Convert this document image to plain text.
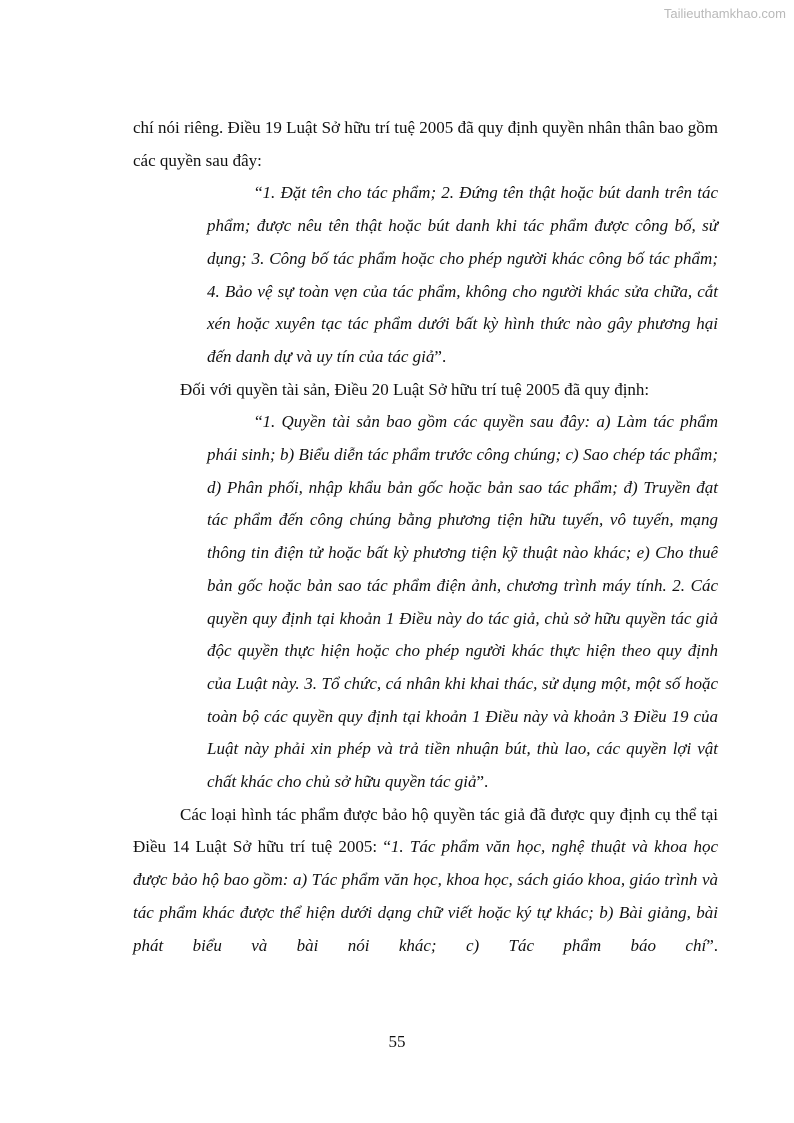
Tailieuthamkhao.com

chí nói riêng. Điều 19 Luật Sở hữu trí tuệ 2005 đã quy định quyền nhân thân bao gồm các quyền sau đây:

“1. Đặt tên cho tác phẩm; 2. Đứng tên thật hoặc bút danh trên tác phẩm; được nêu tên thật hoặc bút danh khi tác phẩm được công bố, sử dụng; 3. Công bố tác phẩm hoặc cho phép người khác công bố tác phẩm; 4. Bảo vệ sự toàn vẹn của tác phẩm, không cho người khác sửa chữa, cắt xén hoặc xuyên tạc tác phẩm dưới bất kỳ hình thức nào gây phương hại đến danh dự và uy tín của tác giả”.

Đối với quyền tài sản, Điều 20 Luật Sở hữu trí tuệ 2005 đã quy định:

“1. Quyền tài sản bao gồm các quyền sau đây: a) Làm tác phẩm phái sinh; b) Biểu diễn tác phẩm trước công chúng; c) Sao chép tác phẩm; d) Phân phối, nhập khẩu bản gốc hoặc bản sao tác phẩm; đ) Truyền đạt tác phẩm đến công chúng bằng phương tiện hữu tuyến, vô tuyến, mạng thông tin điện tử hoặc bất kỳ phương tiện kỹ thuật nào khác; e) Cho thuê bản gốc hoặc bản sao tác phẩm điện ảnh, chương trình máy tính. 2. Các quyền quy định tại khoản 1 Điều này do tác giả, chủ sở hữu quyền tác giả độc quyền thực hiện hoặc cho phép người khác thực hiện theo quy định của Luật này. 3. Tổ chức, cá nhân khi khai thác, sử dụng một, một số hoặc toàn bộ các quyền quy định tại khoản 1 Điều này và khoản 3 Điều 19 của Luật này phải xin phép và trả tiền nhuận bút, thù lao, các quyền lợi vật chất khác cho chủ sở hữu quyền tác giả”.

Các loại hình tác phẩm được bảo hộ quyền tác giả đã được quy định cụ thể tại Điều 14 Luật Sở hữu trí tuệ 2005: “1. Tác phẩm văn học, nghệ thuật và khoa học được bảo hộ bao gồm: a) Tác phẩm văn học, khoa học, sách giáo khoa, giáo trình và tác phẩm khác được thể hiện dưới dạng chữ viết hoặc ký tự khác; b) Bài giảng, bài phát biểu và bài nói khác; c) Tác phẩm báo chí”.

55
